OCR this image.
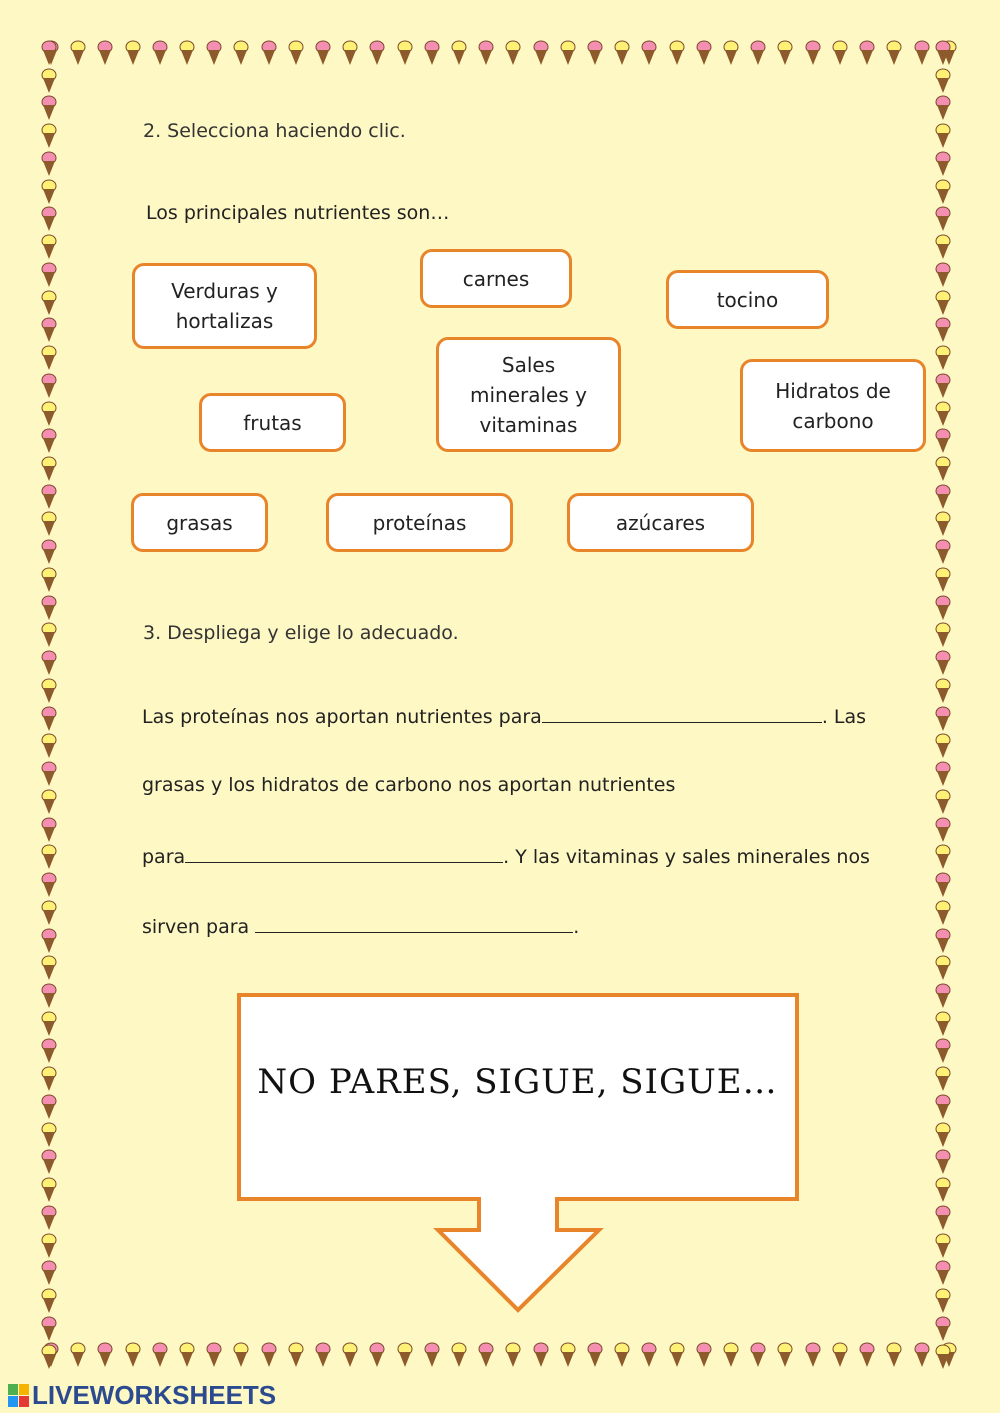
2. Selecciona haciendo clic.
Los principales nutrientes son…
Verduras y
hortalizas
carnes
tocino
Sales
minerales y
vitaminas
Hidratos de
carbono
frutas
grasas	proteínas	azúcares
3. Despliega y elige lo adecuado.
Las proteínas nos aportan nutrientes para	. Las
grasas y los hidratos de carbono nos aportan nutrientes
para	. Y las vitaminas y sales minerales nos
sirven para	.
NO PARES, SIGUE, SIGUE…
LIVEWORKSHEETS
